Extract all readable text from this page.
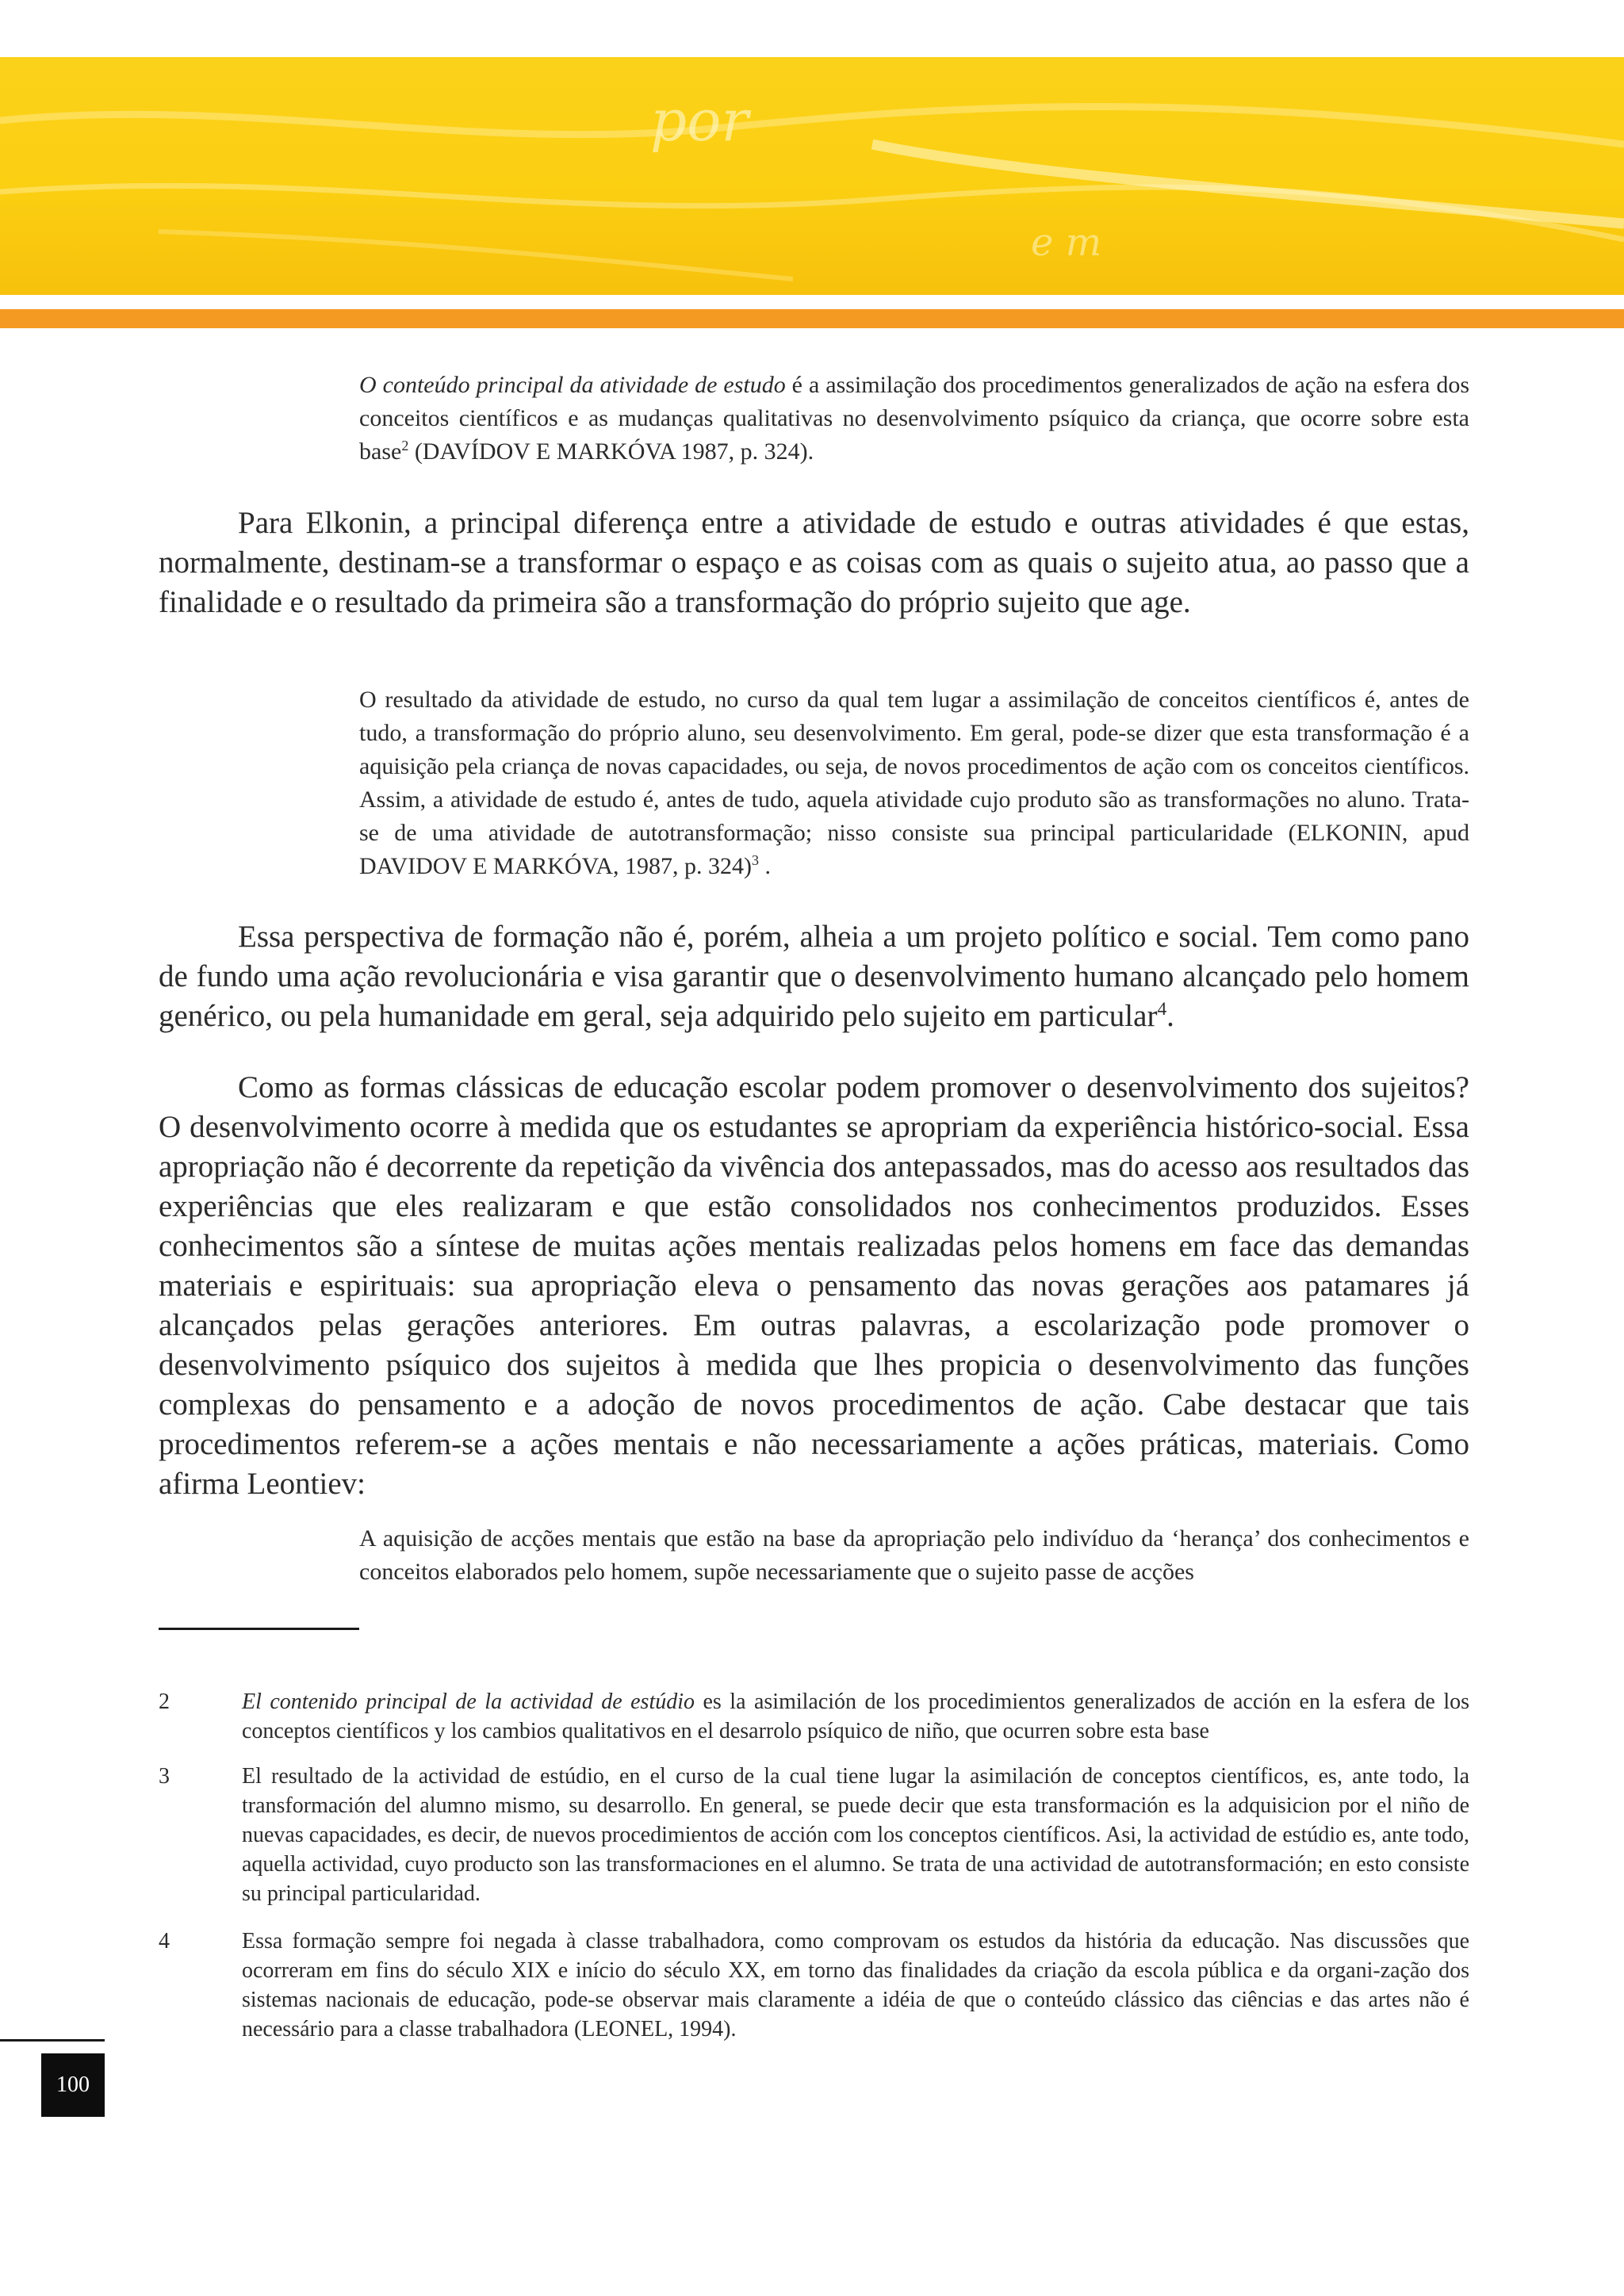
por
e m

O conteúdo principal da atividade de estudo é a assimilação dos procedimentos generalizados de ação na esfera dos conceitos científicos e as mudanças qualitativas no desenvolvimento psíquico da criança, que ocorre sobre esta base$^2$ (DAVÍDOV E MARKÓVA 1987, p. 324).

Para Elkonin, a principal diferença entre a atividade de estudo e outras atividades é que estas, normalmente, destinam-se a transformar o espaço e as coisas com as quais o sujeito atua, ao passo que a finalidade e o resultado da primeira são a transformação do próprio sujeito que age.

O resultado da atividade de estudo, no curso da qual tem lugar a assimilação de conceitos científicos é, antes de tudo, a transformação do próprio aluno, seu desenvolvimento. Em geral, pode-se dizer que esta transformação é a aquisição pela criança de novas capacidades, ou seja, de novos procedimentos de ação com os conceitos científicos. Assim, a atividade de estudo é, antes de tudo, aquela atividade cujo produto são as transformações no aluno. Trata-se de uma atividade de autotransformação; nisso consiste sua principal particularidade (ELKONIN, apud DAVIDOV E MARKÓVA, 1987, p. 324)$^3$ .

Essa perspectiva de formação não é, porém, alheia a um projeto político e social. Tem como pano de fundo uma ação revolucionária e visa garantir que o desenvolvimento humano alcançado pelo homem genérico, ou pela humanidade em geral, seja adquirido pelo sujeito em particular$^4$.

Como as formas clássicas de educação escolar podem promover o desenvolvimento dos sujeitos? O desenvolvimento ocorre à medida que os estudantes se apropriam da experiência histórico-social. Essa apropriação não é decorrente da repetição da vivência dos antepassados, mas do acesso aos resultados das experiências que eles realizaram e que estão consolidados nos conhecimentos produzidos. Esses conhecimentos são a síntese de muitas ações mentais realizadas pelos homens em face das demandas materiais e espirituais: sua apropriação eleva o pensamento das novas gerações aos patamares já alcançados pelas gerações anteriores. Em outras palavras, a escolarização pode promover o desenvolvimento psíquico dos sujeitos à medida que lhes propicia o desenvolvimento das funções complexas do pensamento e a adoção de novos procedimentos de ação. Cabe destacar que tais procedimentos referem-se a ações mentais e não necessariamente a ações práticas, materiais. Como afirma Leontiev:

A aquisição de acções mentais que estão na base da apropriação pelo indivíduo da ‘herança’ dos conhecimentos e conceitos elaborados pelo homem, supõe necessariamente que o sujeito passe de acções

2	El contenido principal de la actividad de estúdio es la asimilación de los procedimientos generalizados de acción en la esfera de los conceptos científicos y los cambios qualitativos en el desarrolo psíquico de niño, que ocurren sobre esta base

3	El resultado de la actividad de estúdio, en el curso de la cual tiene lugar la asimilación de conceptos científicos, es, ante todo, la transformación del alumno mismo, su desarrollo. En general, se puede decir que esta transformación es la adquisicion por el niño de nuevas capacidades, es decir, de nuevos procedimientos de acción com los conceptos científicos. Asi, la actividad de estúdio es, ante todo, aquella actividad, cuyo producto son las transformaciones en el alumno. Se trata de una actividad de autotransformación; en esto consiste su principal particularidad.

4	Essa formação sempre foi negada à classe trabalhadora, como comprovam os estudos da história da educação. Nas discussões que ocorreram em fins do século XIX e início do século XX, em torno das finalidades da criação da escola pública e da organi-zação dos sistemas nacionais de educação, pode-se observar mais claramente a idéia de que o conteúdo clássico das ciências e das artes não é necessário para a classe trabalhadora (LEONEL, 1994).

100
